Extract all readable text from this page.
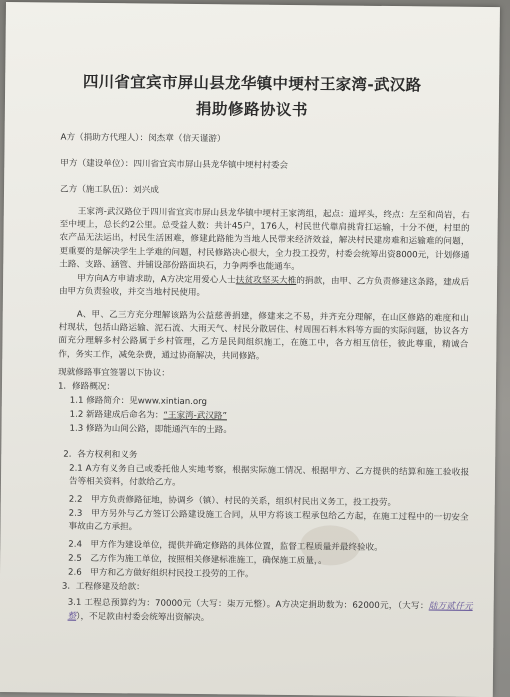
四川省宜宾市屏山县龙华镇中埂村王家湾-武汉路
捐助修路协议书
A方（捐助方代理人）：闵杰章（信天谨游）
甲方（建设单位）：四川省宜宾市屏山县龙华镇中埂村村委会
乙方（施工队伍）：刘兴成
王家湾-武汉路位于四川省宜宾市屏山县龙华镇中埂村王家湾组，起点：道坪头，终点：左至和尚岩，右至中埂上，总长约2公里。总受益人数：共计45户，176人，村民世代靠肩挑背扛运输，十分不便，村里的农产品无法运出，村民生活困难，修建此路能为当地人民带来经济效益，解决村民建房难和运输难的问题，更重要的是解决学生上学难的问题，村民修路决心很大，全力投工投劳，村委会统筹出资8000元，计划修通土路、支路、涵管、并铺设部份路面块石，力争两季也能通车。
甲方向A方申请求助，A方决定用爱心人士扶贫攻坚买大椎的捐款，由甲、乙方负责修建这条路，建成后由甲方负责验收，并交当地村民使用。
A、甲、乙三方充分理解该路为公益慈善捐建，修建来之不易，并齐充分理解，在山区修路的难度和山村现状，包括山路运输、泥石流、大雨天气、村民分散居住、村周围石料木料等方面的实际问题，协议各方面充分理解多村公路属于乡村管理，乙方是民间组织施工，在施工中，各方相互信任，彼此尊重，精诚合作，务实工作，减免杂费，通过协商解决，共同修路。
现就修路事宜签署以下协议：
1．修路概况：
1.1 修路简介：见www.xintian.org
1.2 新路建成后命名为：“王家湾-武汉路”
1.3 修路为山间公路，即能通汽车的土路。
2．各方权利和义务
2.1 A方有义务自己或委托他人实地考察，根据实际施工情况、根据甲方、乙方提供的结算和施工验收报告等相关资料，付款给乙方。
2.2　甲方负责修路征地，协调乡（镇）、村民的关系，组织村民出义务工，投工投劳。
2.3　甲方另外与乙方签订公路建设施工合同，从甲方将该工程承包给乙方起，在施工过程中的一切安全事故由乙方承担。
2.4　甲方作为建设单位，提供并确定修路的具体位置，监督工程质量并最终验收。
2.5　乙方作为施工单位，按照相关修建标准施工，确保施工质量，。
2.6　甲方和乙方做好组织村民投工投劳的工作。
3．工程修建及给款：
3.1 工程总预算约为：70000元（大写：柒万元整）。A方决定捐助数为：62000元，（大写：陆万贰仟元整），不足款由村委会统筹出资解决。
